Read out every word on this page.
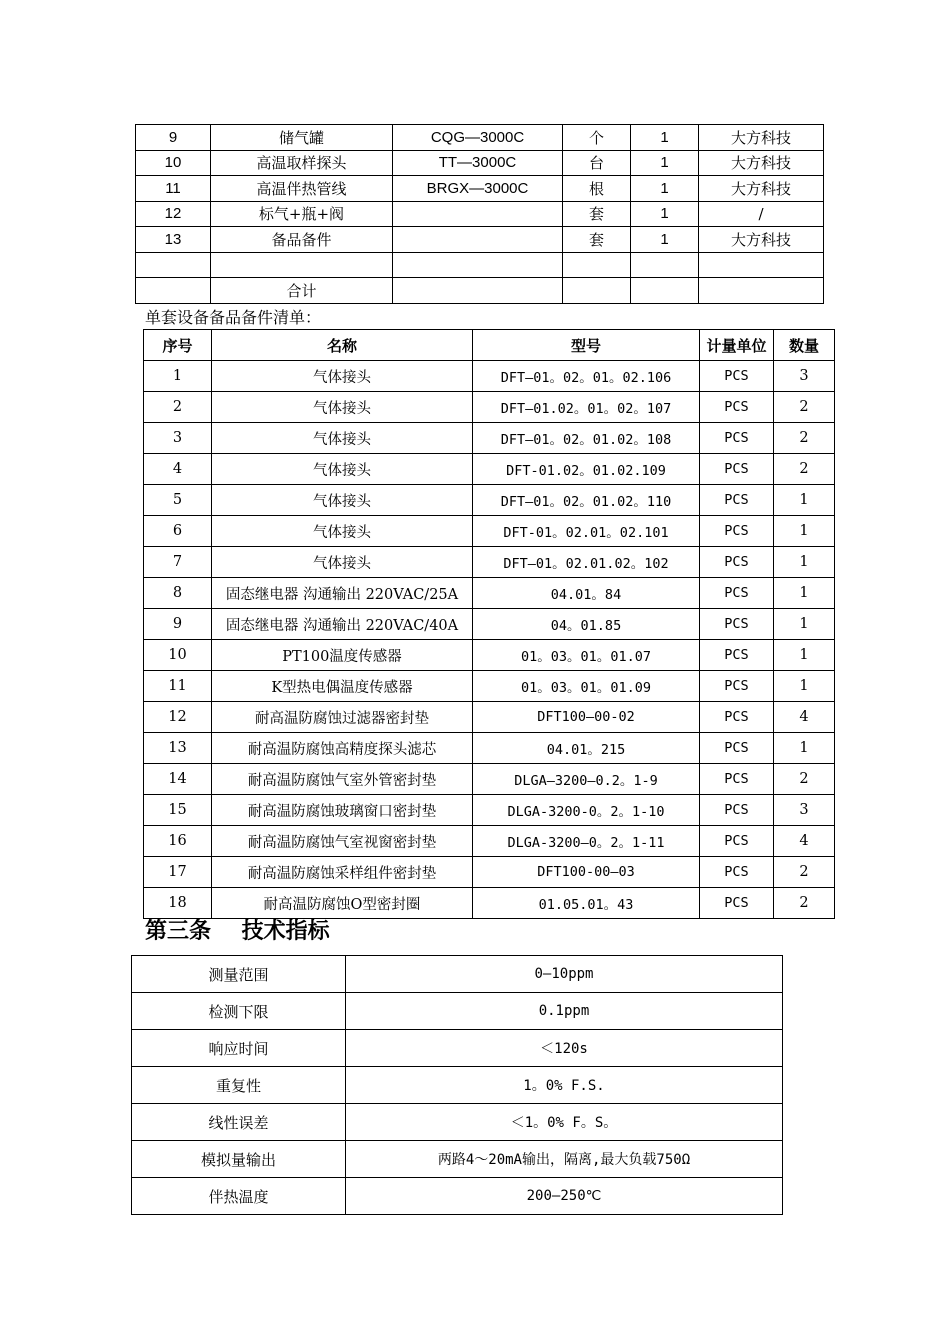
9	储气罐	CQG—3000C	个	1	大方科技
10	高温取样探头	TT—3000C	台	1	大方科技
11	高温伴热管线	BRGX—3000C	根	1	大方科技
12	标气+瓶+阀		套	1	/
13	备品备件		套	1	大方科技

	合计				
单套设备备品备件清单：
序号	名称	型号	计量单位	数量
1	气体接头	DFT—01。02。01。02.106	PCS	3
2	气体接头	DFT—01.02。01。02。107	PCS	2
3	气体接头	DFT—01。02。01.02。108	PCS	2
4	气体接头	DFT-01.02。01.02.109	PCS	2
5	气体接头	DFT—01。02。01.02。110	PCS	1
6	气体接头	DFT-01。02.01。02.101	PCS	1
7	气体接头	DFT—01。02.01.02。102	PCS	1
8	固态继电器 沟通输出 220VAC/25A	04.01。84	PCS	1
9	固态继电器 沟通输出 220VAC/40A	04。01.85	PCS	1
10	PT100温度传感器	01。03。01。01.07	PCS	1
11	K型热电偶温度传感器	01。03。01。01.09	PCS	1
12	耐高温防腐蚀过滤器密封垫	DFT100—00-02	PCS	4
13	耐高温防腐蚀高精度探头滤芯	04.01。215	PCS	1
14	耐高温防腐蚀气室外管密封垫	DLGA—3200—0.2。1-9	PCS	2
15	耐高温防腐蚀玻璃窗口密封垫	DLGA-3200-0。2。1-10	PCS	3
16	耐高温防腐蚀气室视窗密封垫	DLGA-3200—0。2。1-11	PCS	4
17	耐高温防腐蚀采样组件密封垫	DFT100-00—03	PCS	2
18	耐高温防腐蚀O型密封圈	01.05.01。43	PCS	2
第三条    技术指标
测量范围	0—10ppm
检测下限	0.1ppm
响应时间	＜120s
重复性	1。0% F.S.
线性误差	＜1。0% F。S。
模拟量输出	两路4～20mA输出，隔离,最大负载750Ω
伴热温度	200—250℃
